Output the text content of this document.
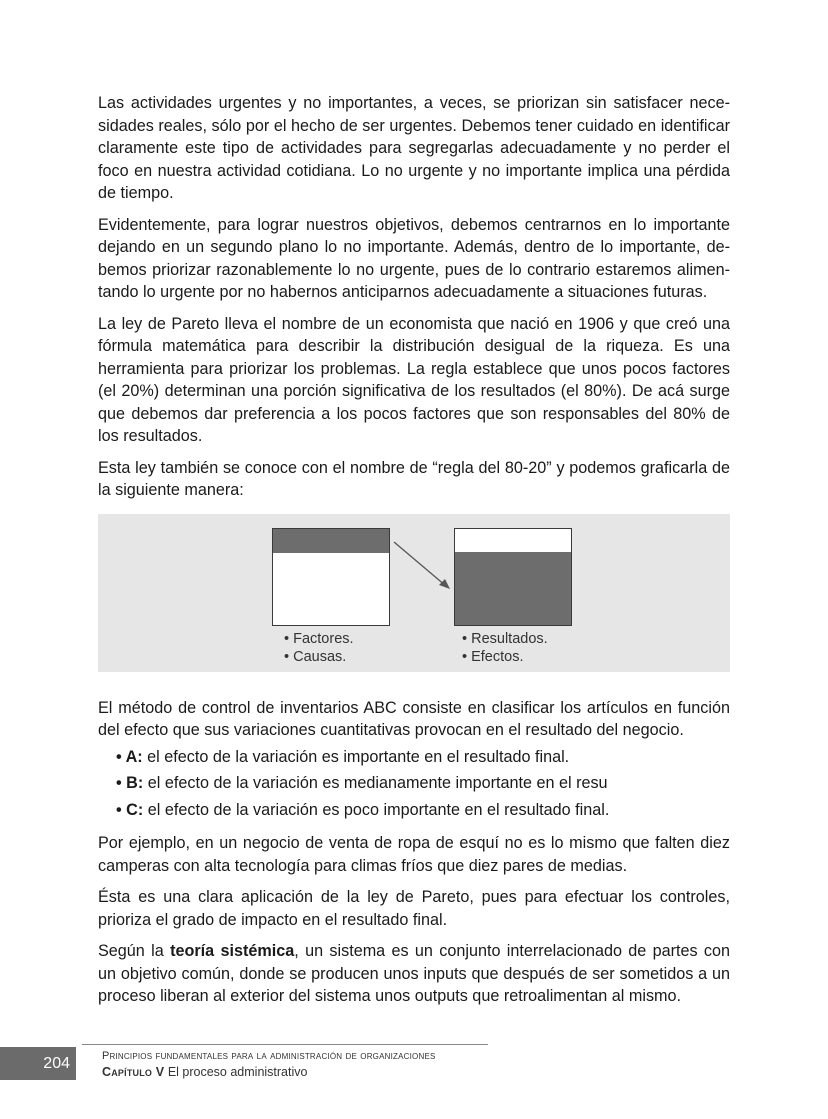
Las actividades urgentes y no importantes, a veces, se priorizan sin satisfacer necesidades reales, sólo por el hecho de ser urgentes. Debemos tener cuidado en identificar claramente este tipo de actividades para segregarlas adecuadamente y no perder el foco en nuestra actividad cotidiana. Lo no urgente y no importante implica una pérdida de tiempo.

Evidentemente, para lograr nuestros objetivos, debemos centrarnos en lo importante dejando en un segundo plano lo no importante. Además, dentro de lo importante, debemos priorizar razonablemente lo no urgente, pues de lo contrario estaremos alimentando lo urgente por no habernos anticiparnos adecuadamente a situaciones futuras.

La ley de Pareto lleva el nombre de un economista que nació en 1906 y que creó una fórmula matemática para describir la distribución desigual de la riqueza. Es una herramienta para priorizar los problemas. La regla establece que unos pocos factores (el 20%) determinan una porción significativa de los resultados (el 80%). De acá surge que debemos dar preferencia a los pocos factores que son responsables del 80% de los resultados.

Esta ley también se conoce con el nombre de “regla del 80-20” y podemos graficarla de la siguiente manera:

• Factores.
• Causas.
• Resultados.
• Efectos.

El método de control de inventarios ABC consiste en clasificar los artículos en función del efecto que sus variaciones cuantitativas provocan en el resultado del negocio.

• A: el efecto de la variación es importante en el resultado final.
• B: el efecto de la variación es medianamente importante en el resu
• C: el efecto de la variación es poco importante en el resultado final.

Por ejemplo, en un negocio de venta de ropa de esquí no es lo mismo que falten diez camperas con alta tecnología para climas fríos que diez pares de medias.

Ésta es una clara aplicación de la ley de Pareto, pues para efectuar los controles, prioriza el grado de impacto en el resultado final.

Según la teoría sistémica, un sistema es un conjunto interrelacionado de partes con un objetivo común, donde se producen unos inputs que después de ser sometidos a un proceso liberan al exterior del sistema unos outputs que retroalimentan al mismo.

204	Principios fundamentales para la administración de organizaciones
Capítulo V El proceso administrativo
